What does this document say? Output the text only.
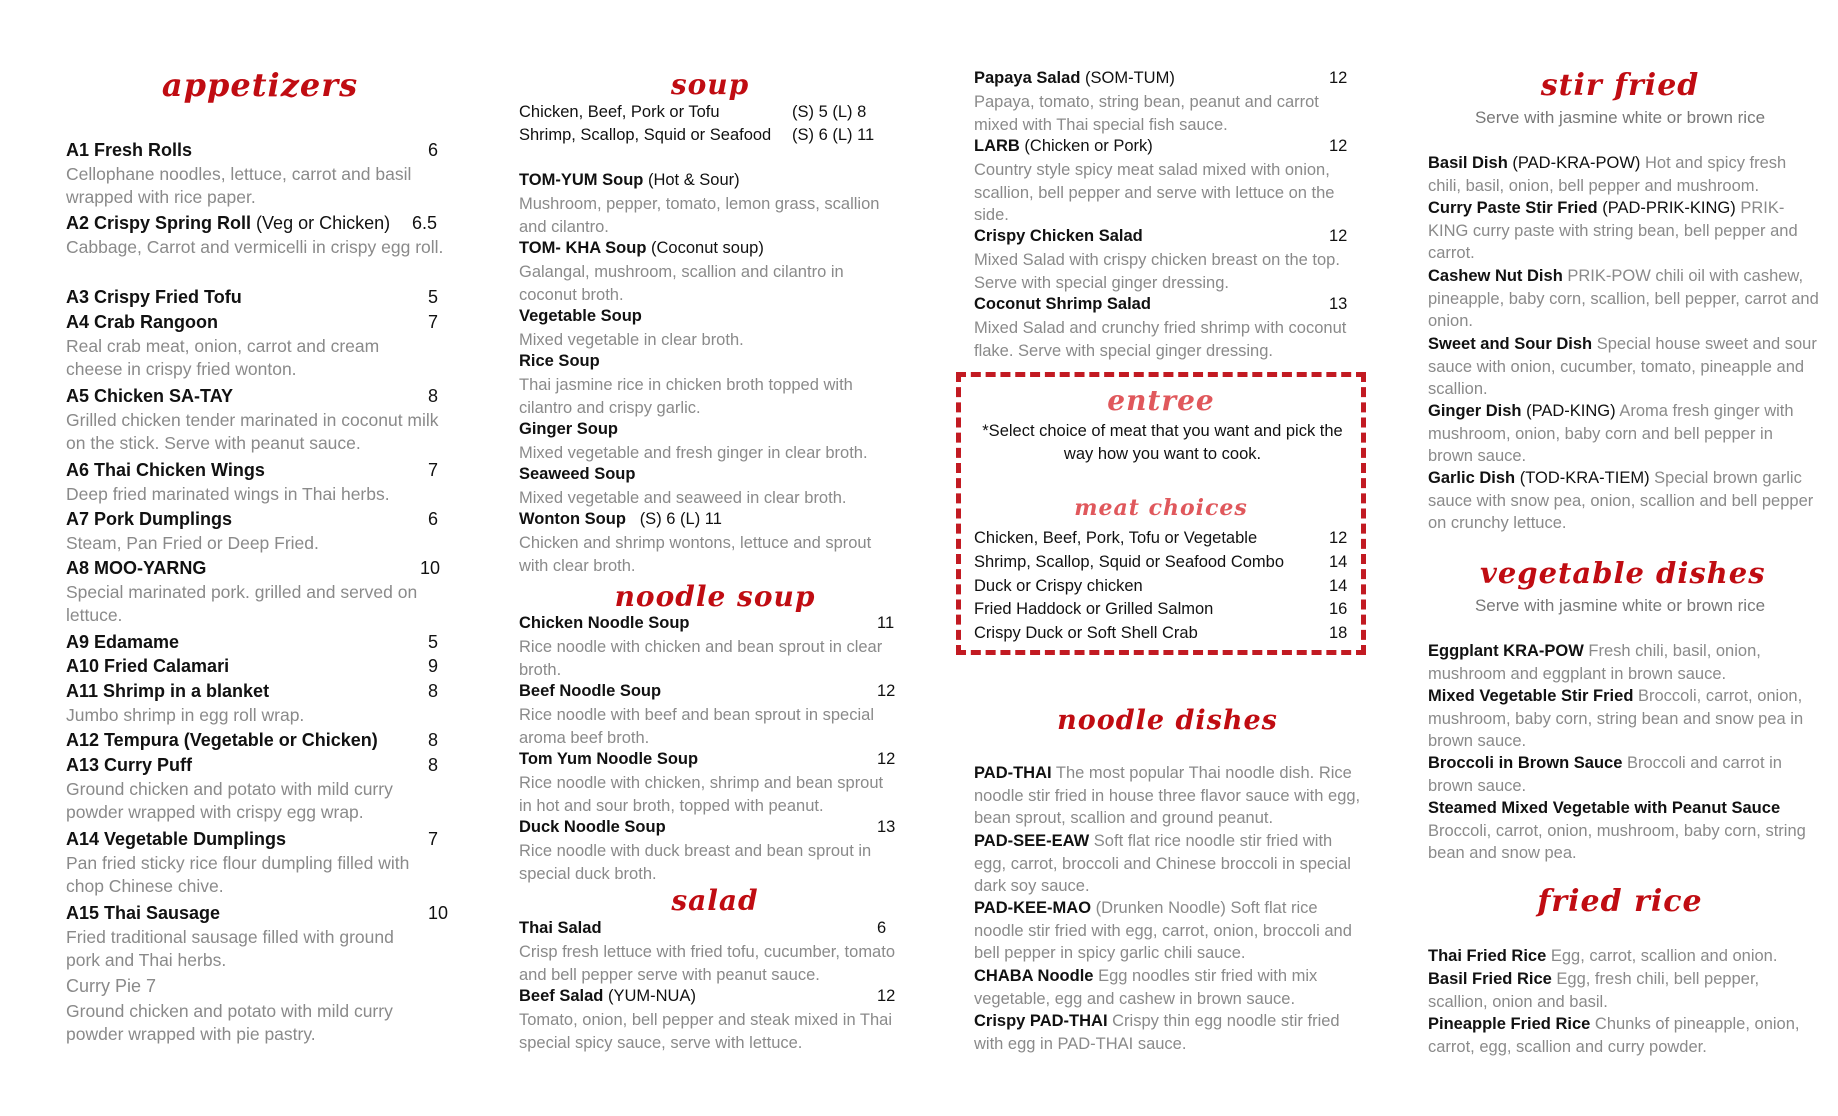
appetizers
A1 Fresh Rolls	6
Cellophane noodles, lettuce, carrot and basil wrapped with rice paper.
A2 Crispy Spring Roll (Veg or Chicken) 6.5
Cabbage, Carrot and vermicelli in crispy egg roll.
A3 Crispy Fried Tofu	5
A4 Crab Rangoon	7
Real crab meat, onion, carrot and cream cheese in crispy fried wonton.
A5 Chicken SA-TAY	8
Grilled chicken tender marinated in coconut milk on the stick. Serve with peanut sauce.
A6 Thai Chicken Wings	7
Deep fried marinated wings in Thai herbs.
A7 Pork Dumplings	6
Steam, Pan Fried or Deep Fried.
A8 MOO-YARNG	10
Special marinated pork. grilled and served on lettuce.
A9 Edamame	5
A10 Fried Calamari	9
A11 Shrimp in a blanket	8
Jumbo shrimp in egg roll wrap.
A12 Tempura (Vegetable or Chicken)	8
A13 Curry Puff	8
Ground chicken and potato with mild curry powder wrapped with crispy egg wrap.
A14 Vegetable Dumplings	7
Pan fried sticky rice flour dumpling filled with chop Chinese chive.
A15 Thai Sausage	10
Fried traditional sausage filled with ground pork and Thai herbs.
Curry Pie 7
Ground chicken and potato with mild curry powder wrapped with pie pastry.
soup
Chicken, Beef, Pork or Tofu	(S) 5 (L) 8
Shrimp, Scallop, Squid or Seafood (S) 6 (L) 11
TOM-YUM Soup (Hot & Sour)
Mushroom, pepper, tomato, lemon grass, scallion and cilantro.
TOM- KHA Soup (Coconut soup)
Galangal, mushroom, scallion and cilantro in coconut broth.
Vegetable Soup
Mixed vegetable in clear broth.
Rice Soup
Thai jasmine rice in chicken broth topped with cilantro and crispy garlic.
Ginger Soup
Mixed vegetable and fresh ginger in clear broth.
Seaweed Soup
Mixed vegetable and seaweed in clear broth.
Wonton Soup (S) 6 (L) 11
Chicken and shrimp wontons, lettuce and sprout with clear broth.
noodle soup
Chicken Noodle Soup	11
Rice noodle with chicken and bean sprout in clear broth.
Beef Noodle Soup	12
Rice noodle with beef and bean sprout in special aroma beef broth.
Tom Yum Noodle Soup	12
Rice noodle with chicken, shrimp and bean sprout in hot and sour broth, topped with peanut.
Duck Noodle Soup	13
Rice noodle with duck breast and bean sprout in special duck broth.
salad
Thai Salad	6
Crisp fresh lettuce with fried tofu, cucumber, tomato and bell pepper serve with peanut sauce.
Beef Salad (YUM-NUA)	12
Tomato, onion, bell pepper and steak mixed in Thai special spicy sauce, serve with lettuce.
Papaya Salad (SOM-TUM)	12
Papaya, tomato, string bean, peanut and carrot mixed with Thai special fish sauce.
LARB (Chicken or Pork)	12
Country style spicy meat salad mixed with onion, scallion, bell pepper and serve with lettuce on the side.
Crispy Chicken Salad	12
Mixed Salad with crispy chicken breast on the top. Serve with special ginger dressing.
Coconut Shrimp Salad	13
Mixed Salad and crunchy fried shrimp with coconut flake. Serve with special ginger dressing.
entree
*Select choice of meat that you want and pick the way how you want to cook.
meat choices
Chicken, Beef, Pork, Tofu or Vegetable	12
Shrimp, Scallop, Squid or Seafood Combo	14
Duck or Crispy chicken	14
Fried Haddock or Grilled Salmon	16
Crispy Duck or Soft Shell Crab	18
noodle dishes
PAD-THAI The most popular Thai noodle dish. Rice noodle stir fried in house three flavor sauce with egg, bean sprout, scallion and ground peanut.
PAD-SEE-EAW Soft flat rice noodle stir fried with egg, carrot, broccoli and Chinese broccoli in special dark soy sauce.
PAD-KEE-MAO (Drunken Noodle) Soft flat rice noodle stir fried with egg, carrot, onion, broccoli and bell pepper in spicy garlic chili sauce.
CHABA Noodle Egg noodles stir fried with mix vegetable, egg and cashew in brown sauce.
Crispy PAD-THAI Crispy thin egg noodle stir fried with egg in PAD-THAI sauce.
stir fried
Serve with jasmine white or brown rice
Basil Dish (PAD-KRA-POW) Hot and spicy fresh chili, basil, onion, bell pepper and mushroom.
Curry Paste Stir Fried (PAD-PRIK-KING) PRIK-KING curry paste with string bean, bell pepper and carrot.
Cashew Nut Dish PRIK-POW chili oil with cashew, pineapple, baby corn, scallion, bell pepper, carrot and onion.
Sweet and Sour Dish Special house sweet and sour sauce with onion, cucumber, tomato, pineapple and scallion.
Ginger Dish (PAD-KING) Aroma fresh ginger with mushroom, onion, baby corn and bell pepper in brown sauce.
Garlic Dish (TOD-KRA-TIEM) Special brown garlic sauce with snow pea, onion, scallion and bell pepper on crunchy lettuce.
vegetable dishes
Serve with jasmine white or brown rice
Eggplant KRA-POW Fresh chili, basil, onion, mushroom and eggplant in brown sauce.
Mixed Vegetable Stir Fried Broccoli, carrot, onion, mushroom, baby corn, string bean and snow pea in brown sauce.
Broccoli in Brown Sauce Broccoli and carrot in brown sauce.
Steamed Mixed Vegetable with Peanut Sauce
Broccoli, carrot, onion, mushroom, baby corn, string bean and snow pea.
fried rice
Thai Fried Rice Egg, carrot, scallion and onion.
Basil Fried Rice Egg, fresh chili, bell pepper, scallion, onion and basil.
Pineapple Fried Rice Chunks of pineapple, onion, carrot, egg, scallion and curry powder.
